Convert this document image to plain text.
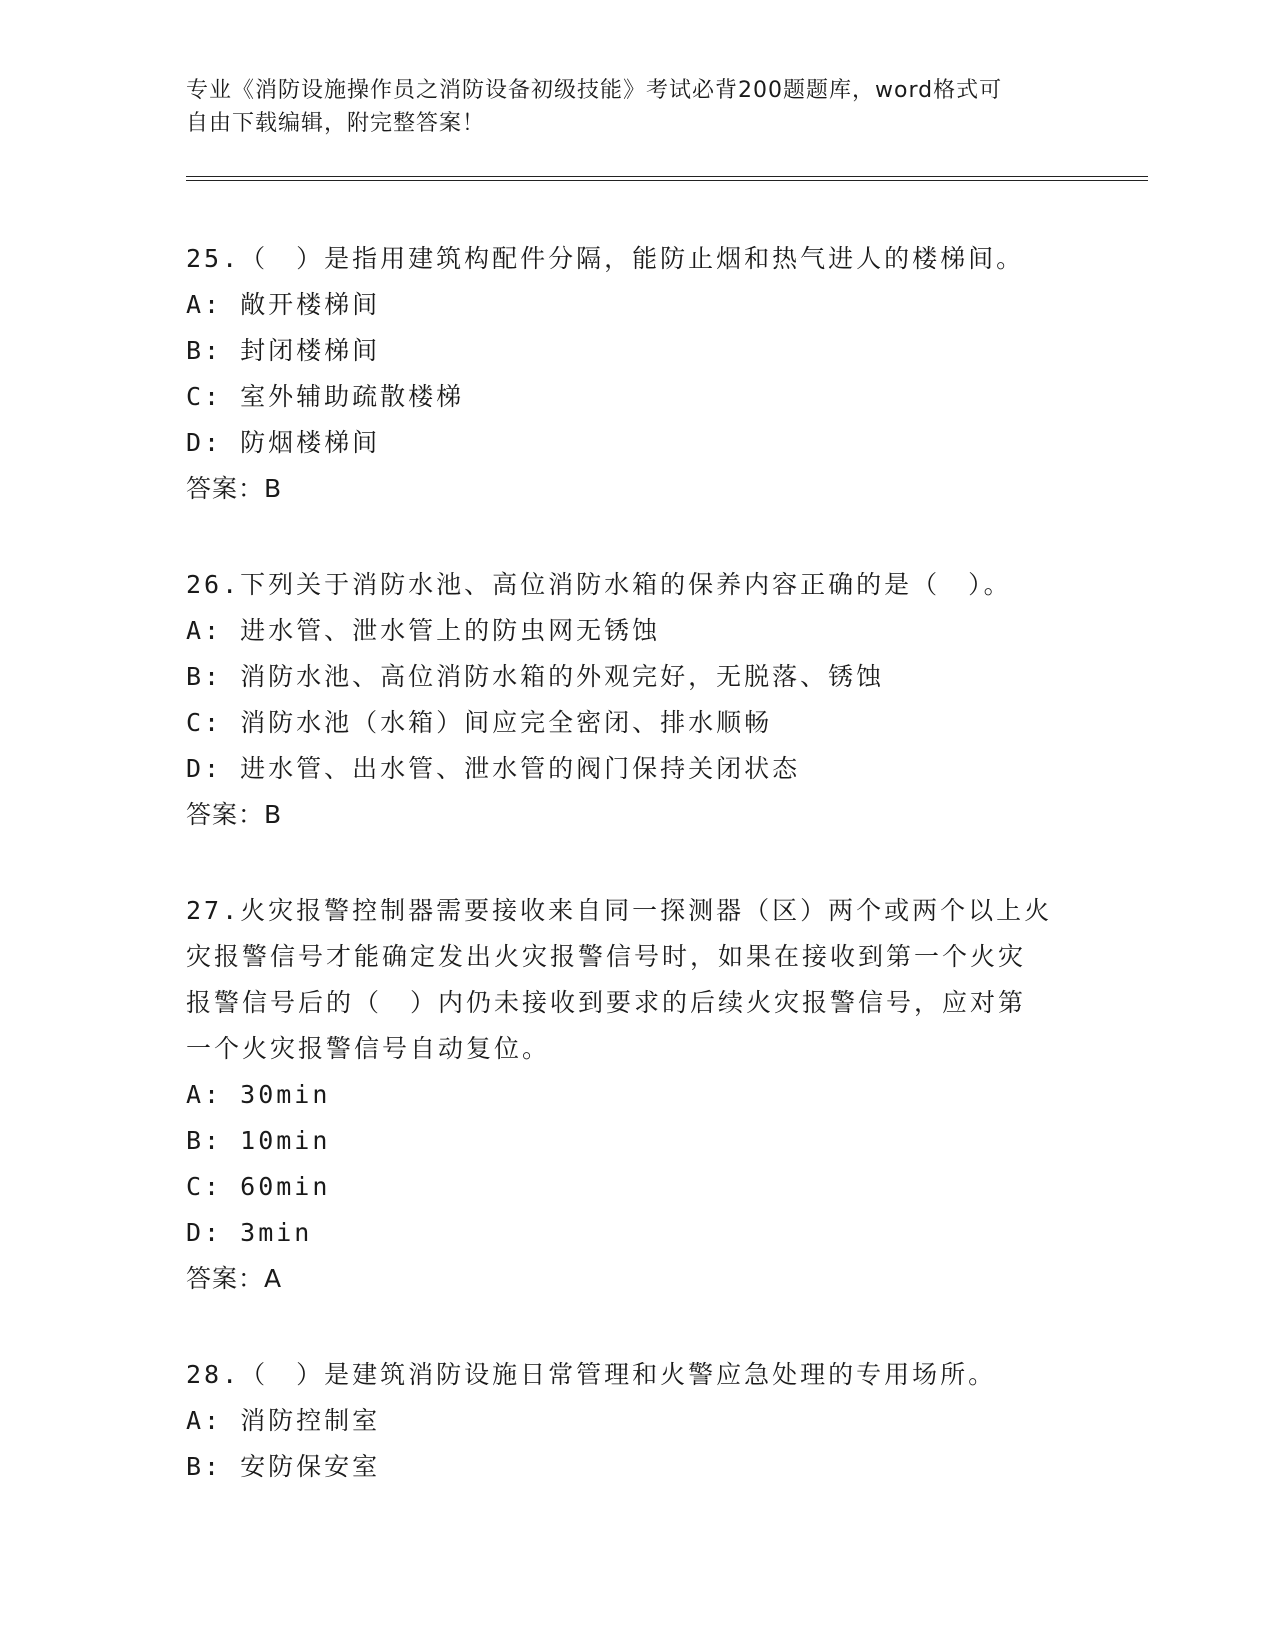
专业《消防设施操作员之消防设备初级技能》考试必背200题题库，word格式可
自由下载编辑，附完整答案！
25.（　）是指用建筑构配件分隔，能防止烟和热气进人的楼梯间。
A: 敞开楼梯间
B: 封闭楼梯间
C: 室外辅助疏散楼梯
D: 防烟楼梯间
答案：B
26.下列关于消防水池、高位消防水箱的保养内容正确的是（　）。
A: 进水管、泄水管上的防虫网无锈蚀
B: 消防水池、高位消防水箱的外观完好，无脱落、锈蚀
C: 消防水池（水箱）间应完全密闭、排水顺畅
D: 进水管、出水管、泄水管的阀门保持关闭状态
答案：B
27.火灾报警控制器需要接收来自同一探测器（区）两个或两个以上火
灾报警信号才能确定发出火灾报警信号时，如果在接收到第一个火灾
报警信号后的（　）内仍未接收到要求的后续火灾报警信号，应对第
一个火灾报警信号自动复位。
A: 30min
B: 10min
C: 60min
D: 3min
答案：A
28.（　）是建筑消防设施日常管理和火警应急处理的专用场所。
A: 消防控制室
B: 安防保安室
